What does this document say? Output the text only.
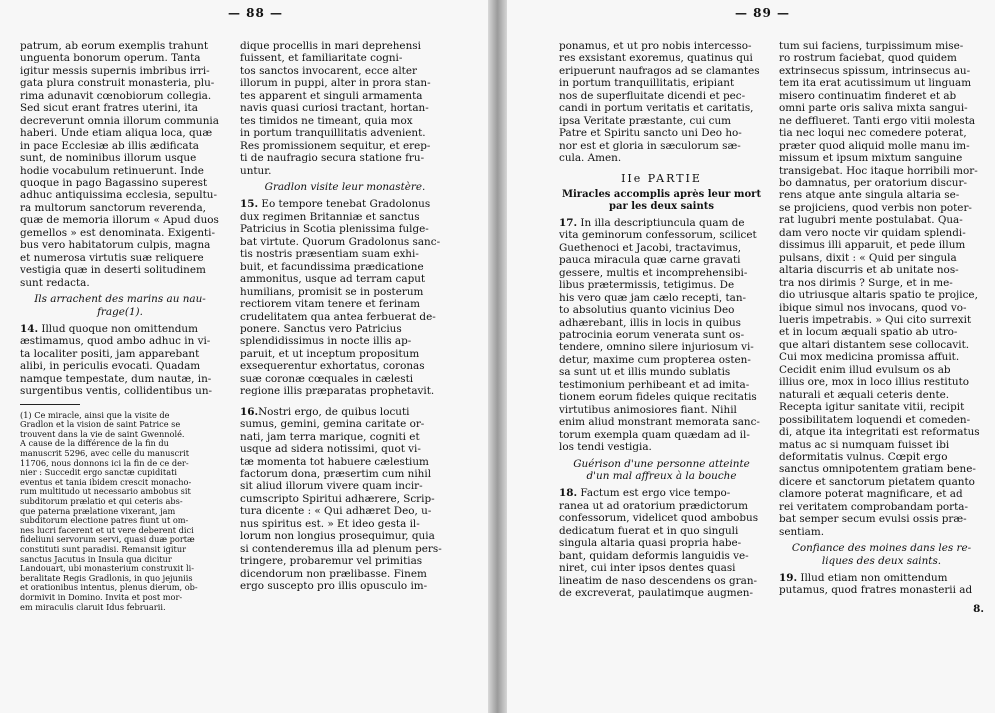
— 88 —
patrum, ab eorum exemplis trahunt
unguenta bonorum operum. Tanta
igitur messis supernis imbribus irri-
gata plura construit monasteria, plu-
rima adunavit cœnobiorum collegia.
Sed sicut erant fratres uterini, ita
decreverunt omnia illorum communia
haberi. Unde etiam aliqua loca, quæ
in pace Ecclesiæ ab illis ædificata
sunt, de nominibus illorum usque
hodie vocabulum retinuerunt. Inde
quoque in pago Bagassino superest
adhuc antiquissima ecclesia, sepultu-
ra multorum sanctorum reverenda,
quæ de memoria illorum « Apud duos
gemellos » est denominata. Exigenti-
bus vero habitatorum culpis, magna
et numerosa virtutis suæ reliquere
vestigia quæ in deserti solitudinem
sunt redacta.
Ils arrachent des marins au nau-
frage(1).
14. Illud quoque non omittendum
æstimamus, quod ambo adhuc in vi-
ta localiter positi, jam apparebant
alibi, in periculis evocati. Quadam
namque tempestate, dum nautæ, in-
surgentibus ventis, collidentibus un-
(1) Ce miracle, ainsi que la visite de
Gradlon et la vision de saint Patrice se
trouvent dans la vie de saint Gwennolé.
A cause de la différence de la fin du
manuscrit 5296, avec celle du manuscrit
11706, nous donnons ici la fin de ce der-
nier : Succedit ergo sanctæ cupiditati
eventus et tania ibidem crescit monacho-
rum multitudo ut necessario ambobus sit
subditorum prælatio et qui ceteris abs-
que paterna prælatione vixerant, jam
subditorum electione patres fiunt ut om-
nes lucri facerent et ut vere deberent dici
fideliuni servorum servi, quasi duæ portæ
constituti sunt paradisi. Remansit igitur
sanctus Jacutus in Insula qua dicitur
Landouart, ubi monasterium construxit li-
beralitate Regis Gradlonis, in quo jejuniis
et orationibus intentus, plenus dierum, ob-
dormivit in Domino. Invita et post mor-
em miraculis claruit Idus februarii.
dique procellis in mari deprehensi
fuissent, et familiaritate cogni-
tos sanctos invocarent, ecce alter
illorum in puppi, alter in prora stan-
tes apparent et singuli armamenta
navis quasi curiosi tractant, hortan-
tes timidos ne timeant, quia mox
in portum tranquillitatis advenient.
Res promissionem sequitur, et erep-
ti de naufragio secura statione fru-
untur.
Gradlon visite leur monastère.
15. Eo tempore tenebat Gradolonus
dux regimen Britanniæ et sanctus
Patricius in Scotia plenissima fulge-
bat virtute. Quorum Gradolonus sanc-
tis nostris præsentiam suam exhi-
buit, et facundissima prædicatione
ammonitus, usque ad terram caput
humilians, promisit se in posterum
rectiorem vitam tenere et ferinam
crudelitatem qua antea ferbuerat de-
ponere. Sanctus vero Patricius
splendidissimus in nocte illis ap-
paruit, et ut inceptum propositum
exsequerentur exhortatus, coronas
suæ coronæ cœquales in cælesti
regione illis præparatas prophetavit.
16.Nostri ergo, de quibus locuti
sumus, gemini, gemina caritate or-
nati, jam terra marique, cogniti et
usque ad sidera notissimi, quot vi-
tæ momenta tot habuere cælestium
factorum dona, præsertim cum nihil
sit aliud illorum vivere quam incir-
cumscripto Spiritui adhærere, Scrip-
tura dicente : « Qui adhæret Deo, u-
nus spiritus est. » Et ideo gesta il-
lorum non longius prosequimur, quia
si contenderemus illa ad plenum pers-
tringere, probaremur vel primitias
dicendorum non prælibasse. Finem
ergo suscepto pro illis opusculo im-
— 89 —
ponamus, et ut pro nobis intercesso-
res exsistant exoremus, quatinus qui
eripuerunt naufragos ad se clamantes
in portum tranquillitatis, eripiant
nos de superfluitate dicendi et pec-
candi in portum veritatis et caritatis,
ipsa Veritate præstante, cui cum
Patre et Spiritu sancto uni Deo ho-
nor est et gloria in sæculorum sæ-
cula. Amen.
IIe PARTIE
Miracles accomplis après leur mort
par les deux saints
17. In illa descriptiuncula quam de
vita geminorum confessorum, scilicet
Guethenoci et Jacobi, tractavimus,
pauca miracula quæ carne gravati
gessere, multis et incomprehensibi-
libus prætermissis, tetigimus. De
his vero quæ jam cælo recepti, tan-
to absolutius quanto vicinius Deo
adhærebant, illis in locis in quibus
patrocinia eorum venerata sunt os-
tendere, omnino silere injuriosum vi-
detur, maxime cum propterea osten-
sa sunt ut et illis mundo sublatis
testimonium perhibeant et ad imita-
tionem eorum fideles quique recitatis
virtutibus animosiores fiant. Nihil
enim aliud monstrant memorata sanc-
torum exempla quam quædam ad il-
los tendi vestigia.
Guérison d'une personne atteinte
d'un mal affreux à la bouche
18. Factum est ergo vice tempo-
ranea ut ad oratorium prædictorum
confessorum, videlicet quod ambobus
dedicatum fuerat et in quo singuli
singula altaria quasi propria habe-
bant, quidam deformis languidis ve-
niret, cui inter ipsos dentes quasi
lineatim de naso descendens os gran-
de excreverat, paulatimque augmen-
tum sui faciens, turpissimum mise-
ro rostrum faciebat, quod quidem
extrinsecus spissum, intrinsecus au-
tem ita erat acutissimum ut linguam
misero continuatim finderet et ab
omni parte oris saliva mixta sangui-
ne defflueret. Tanti ergo vitii molesta
tia nec loqui nec comedere poterat,
præter quod aliquid molle manu im-
missum et ipsum mixtum sanguine
transigebat. Hoc itaque horribili mor-
bo damnatus, per oratorium discur-
rens atque ante singula altaria se-
se projiciens, quod verbis non poter-
rat lugubri mente postulabat. Qua-
dam vero nocte vir quidam splendi-
dissimus illi apparuit, et pede illum
pulsans, dixit : « Quid per singula
altaria discurris et ab unitate nos-
tra nos dirimis ? Surge, et in me-
dio utriusque altaris spatio te projice,
ibique simul nos invocans, quod vo-
lueris impetrabis. » Qui cito surrexit
et in locum æquali spatio ab utro-
que altari distantem sese collocavit.
Cui mox medicina promissa affuit.
Cecidit enim illud evulsum os ab
illius ore, mox in loco illius restituto
naturali et æquali ceteris dente.
Recepta igitur sanitate vitii, recipit
possibilitatem loquendi et comeden-
di, atque ita integritati est reformatus
matus ac si numquam fuisset ibi
deformitatis vulnus. Cœpit ergo
sanctus omnipotentem gratiam bene-
dicere et sanctorum pietatem quanto
clamore poterat magnificare, et ad
rei veritatem comprobandam porta-
bat semper secum evulsi ossis præ-
sentiam.
Confiance des moines dans les re-
liques des deux saints.
19. Illud etiam non omittendum
putamus, quod fratres monasterii ad
8.
